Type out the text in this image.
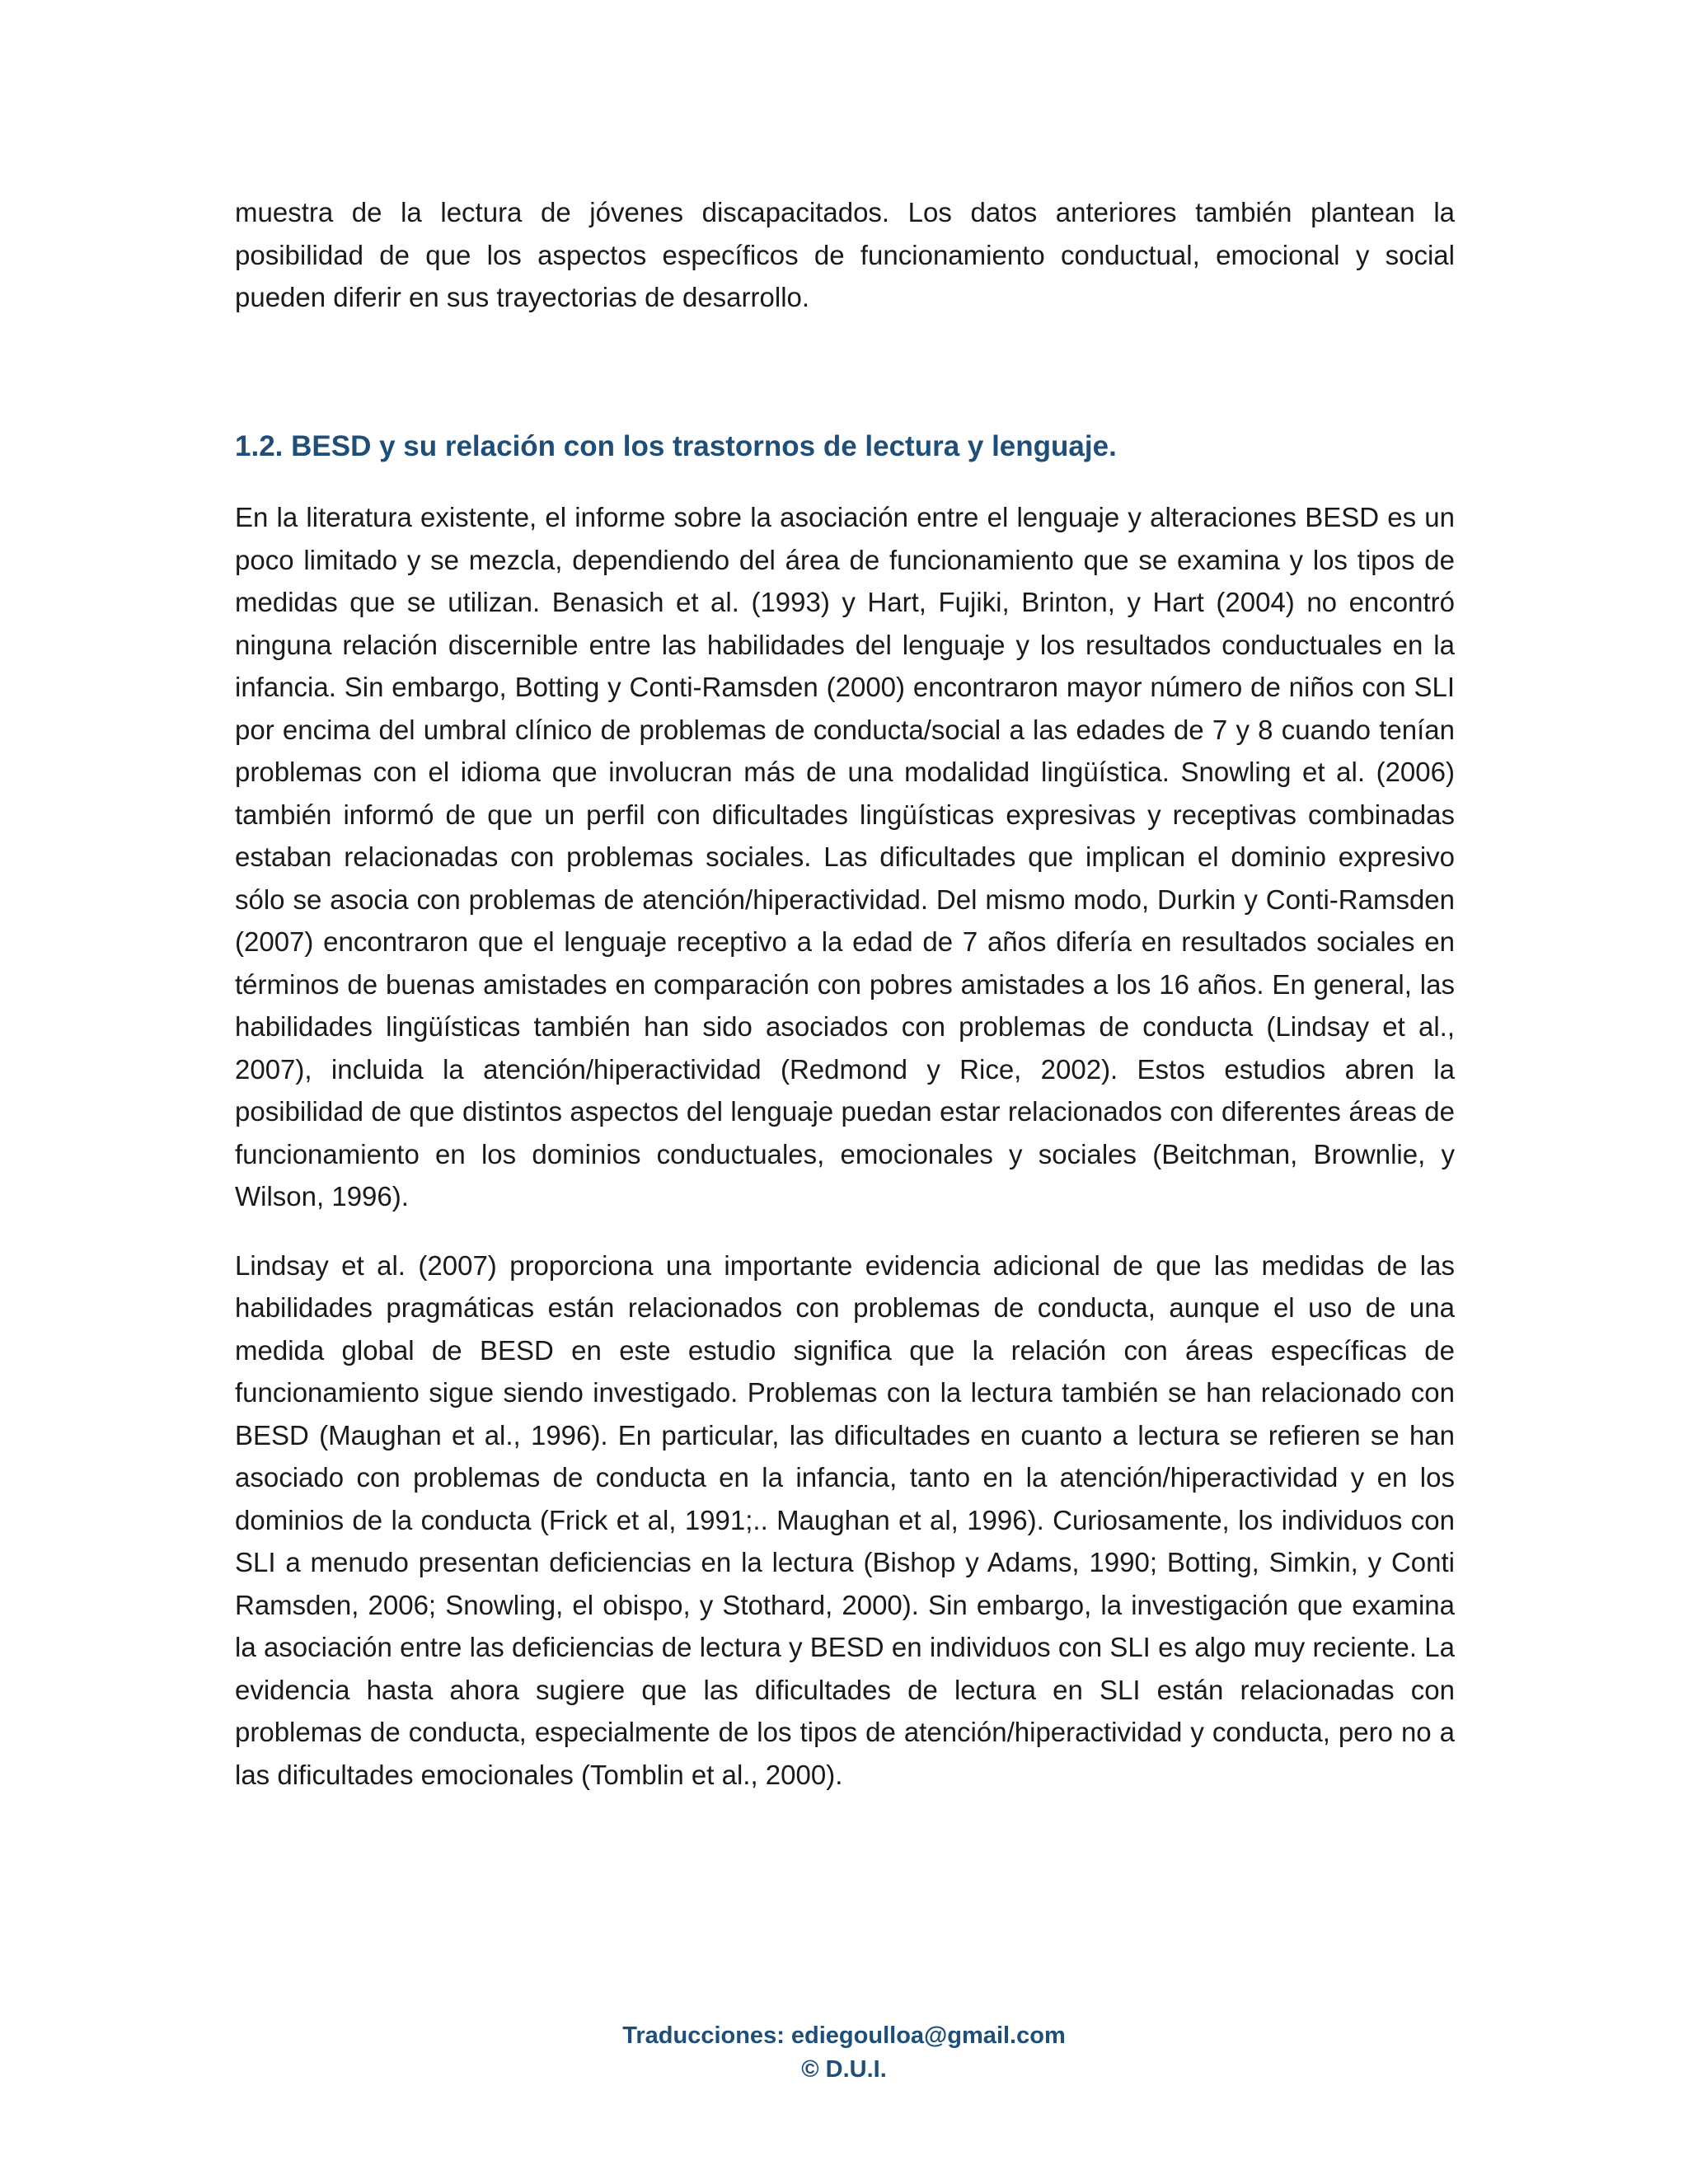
muestra de la lectura de jóvenes discapacitados. Los datos anteriores también plantean la posibilidad de que los aspectos específicos de funcionamiento conductual, emocional y social pueden diferir en sus trayectorias de desarrollo.

1.2. BESD y su relación con los trastornos de lectura y lenguaje.

En la literatura existente, el informe sobre la asociación entre el lenguaje y alteraciones BESD es un poco limitado y se mezcla, dependiendo del área de funcionamiento que se examina y los tipos de medidas que se utilizan. Benasich et al. (1993) y Hart, Fujiki, Brinton, y Hart (2004) no encontró ninguna relación discernible entre las habilidades del lenguaje y los resultados conductuales en la infancia. Sin embargo, Botting y Conti-Ramsden (2000) encontraron mayor número de niños con SLI por encima del umbral clínico de problemas de conducta/social a las edades de 7 y 8 cuando tenían problemas con el idioma que involucran más de una modalidad lingüística. Snowling et al. (2006) también informó de que un perfil con dificultades lingüísticas expresivas y receptivas combinadas estaban relacionadas con problemas sociales. Las dificultades que implican el dominio expresivo sólo se asocia con problemas de atención/hiperactividad. Del mismo modo, Durkin y Conti-Ramsden (2007) encontraron que el lenguaje receptivo a la edad de 7 años difería en resultados sociales en términos de buenas amistades en comparación con pobres amistades a los 16 años. En general, las habilidades lingüísticas también han sido asociados con problemas de conducta (Lindsay et al., 2007), incluida la atención/hiperactividad (Redmond y Rice, 2002). Estos estudios abren la posibilidad de que distintos aspectos del lenguaje puedan estar relacionados con diferentes áreas de funcionamiento en los dominios conductuales, emocionales y sociales (Beitchman, Brownlie, y Wilson, 1996).

Lindsay et al. (2007) proporciona una importante evidencia adicional de que las medidas de las habilidades pragmáticas están relacionados con problemas de conducta, aunque el uso de una medida global de BESD en este estudio significa que la relación con áreas específicas de funcionamiento sigue siendo investigado. Problemas con la lectura también se han relacionado con BESD (Maughan et al., 1996). En particular, las dificultades en cuanto a lectura se refieren se han asociado con problemas de conducta en la infancia, tanto en la atención/hiperactividad y en los dominios de la conducta (Frick et al, 1991;.. Maughan et al, 1996). Curiosamente, los individuos con SLI a menudo presentan deficiencias en la lectura (Bishop y Adams, 1990; Botting, Simkin, y Conti Ramsden, 2006; Snowling, el obispo, y Stothard, 2000). Sin embargo, la investigación que examina la asociación entre las deficiencias de lectura y BESD en individuos con SLI es algo muy reciente. La evidencia hasta ahora sugiere que las dificultades de lectura en SLI están relacionadas con problemas de conducta, especialmente de los tipos de atención/hiperactividad y conducta, pero no a las dificultades emocionales (Tomblin et al., 2000).

Traducciones: ediegoulloa@gmail.com
© D.U.I.
